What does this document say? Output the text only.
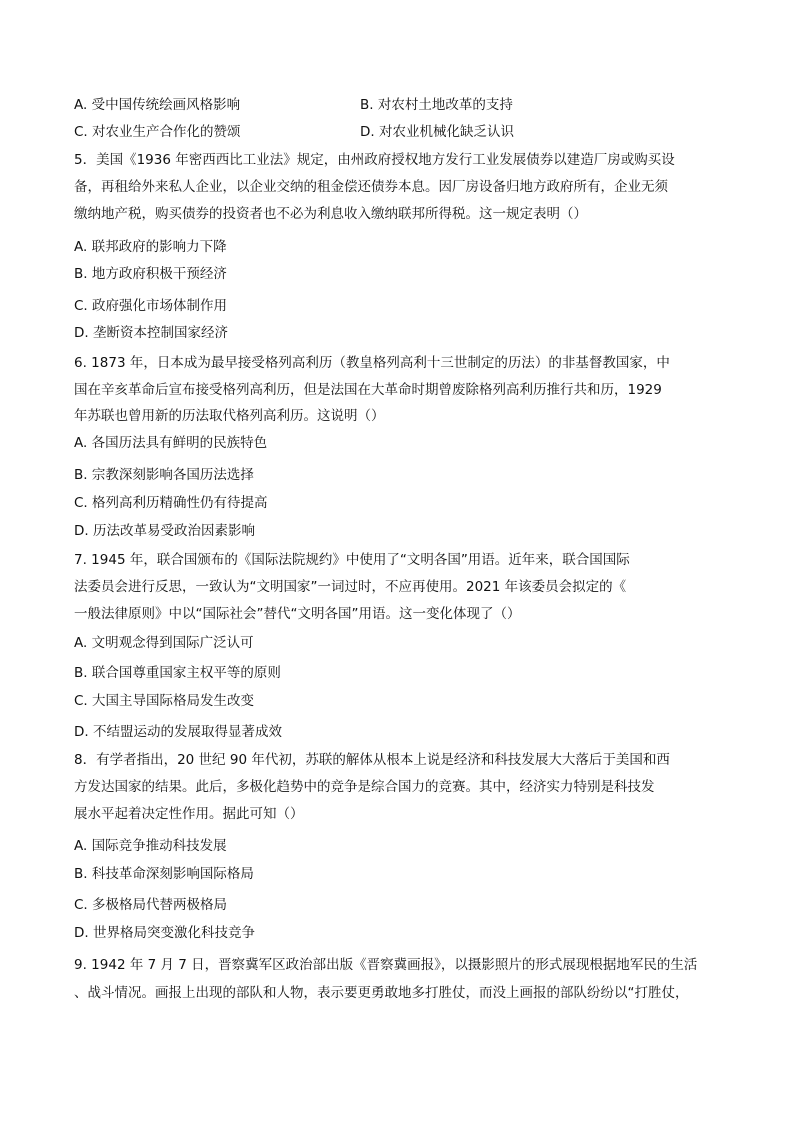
A. 受中国传统绘画风格影响	B. 对农村土地改革的支持
C. 对农业生产合作化的赞颂	D. 对农业机械化缺乏认识
5．美国《1936 年密西西比工业法》规定，由州政府授权地方发行工业发展债券以建造厂房或购买设
备，再租给外来私人企业，以企业交纳的租金偿还债券本息。因厂房设备归地方政府所有，企业无须
缴纳地产税，购买债券的投资者也不必为利息收入缴纳联邦所得税。这一规定表明（）
A. 联邦政府的影响力下降
B. 地方政府积极干预经济
C. 政府强化市场体制作用
D. 垄断资本控制国家经济
6. 1873 年，日本成为最早接受格列高利历（教皇格列高利十三世制定的历法）的非基督教国家，中
国在辛亥革命后宣布接受格列高利历，但是法国在大革命时期曾废除格列高利历推行共和历，1929
年苏联也曾用新的历法取代格列高利历。这说明（）
A. 各国历法具有鲜明的民族特色
B. 宗教深刻影响各国历法选择
C. 格列高利历精确性仍有待提高
D. 历法改革易受政治因素影响
7. 1945 年，联合国颁布的《国际法院规约》中使用了“文明各国”用语。近年来，联合国国际
法委员会进行反思，一致认为“文明国家”一词过时，不应再使用。2021 年该委员会拟定的《
一般法律原则》中以“国际社会”替代“文明各国”用语。这一变化体现了（）
A. 文明观念得到国际广泛认可
B. 联合国尊重国家主权平等的原则
C. 大国主导国际格局发生改变
D. 不结盟运动的发展取得显著成效
8．有学者指出，20 世纪 90 年代初，苏联的解体从根本上说是经济和科技发展大大落后于美国和西
方发达国家的结果。此后，多极化趋势中的竞争是综合国力的竞赛。其中，经济实力特别是科技发
展水平起着决定性作用。据此可知（）
A. 国际竞争推动科技发展
B. 科技革命深刻影响国际格局
C. 多极格局代替两极格局
D. 世界格局突变激化科技竞争
9. 1942 年 7 月 7 日，晋察冀军区政治部出版《晋察冀画报》，以摄影照片的形式展现根据地军民的生活
、战斗情况。画报上出现的部队和人物，表示要更勇敢地多打胜仗，而没上画报的部队纷纷以“打胜仗，
